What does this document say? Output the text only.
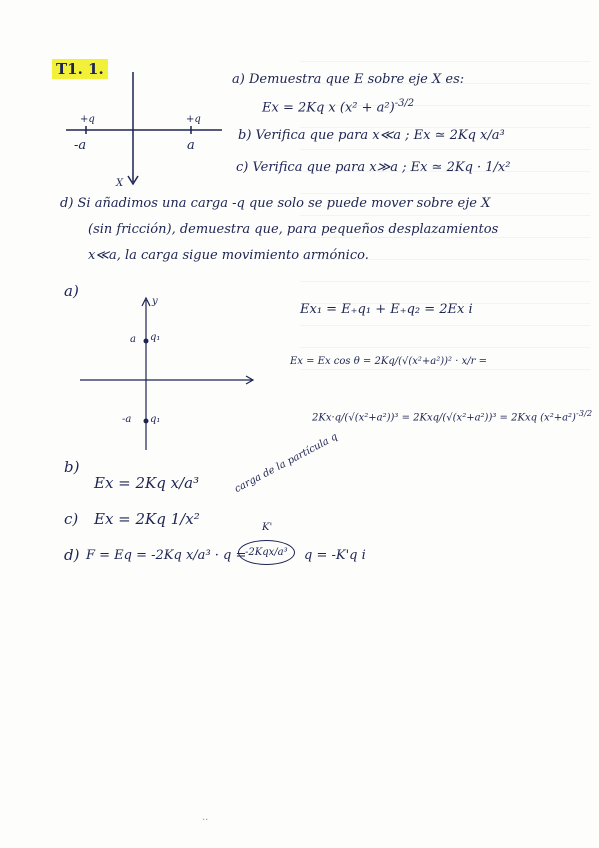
T1. 1.
+q	+q
-a	a
X
a) Demuestra que E sobre eje X es:
Ex = 2Kq x $(x^2 + a^2)^{-3/2}$
b) Verifica que para x≪a ; Ex ≃ 2Kq x/a³
c) Verifica que para x≫a ; Ex ≃ 2Kq · 1/x²
d) Si añadimos una carga -q que solo se puede mover sobre eje X
(sin fricción), demuestra que, para pequeños desplazamientos
x≪a, la carga sigue movimiento armónico.
a)
y
a q₁
-a q₁
Ex₁ = E₊q₁ + E₊q₂ = 2Ex i
Ex = Ex cos θ = 2Kq/(√(x²+a²))² · x/r =
2Kx·q/(√(x²+a²))³ = 2Kxq/(√(x²+a²))³ = 2Kxq $(x^2+a^2)^{-3/2}$
b)
Ex = 2Kq x/a³
c) Ex = 2Kq 1/x²
d) F = Eq = -2Kq x/a³ · q =
-2Kqx/a³	q = -K'q i
carga de la partícula q
K'
..
